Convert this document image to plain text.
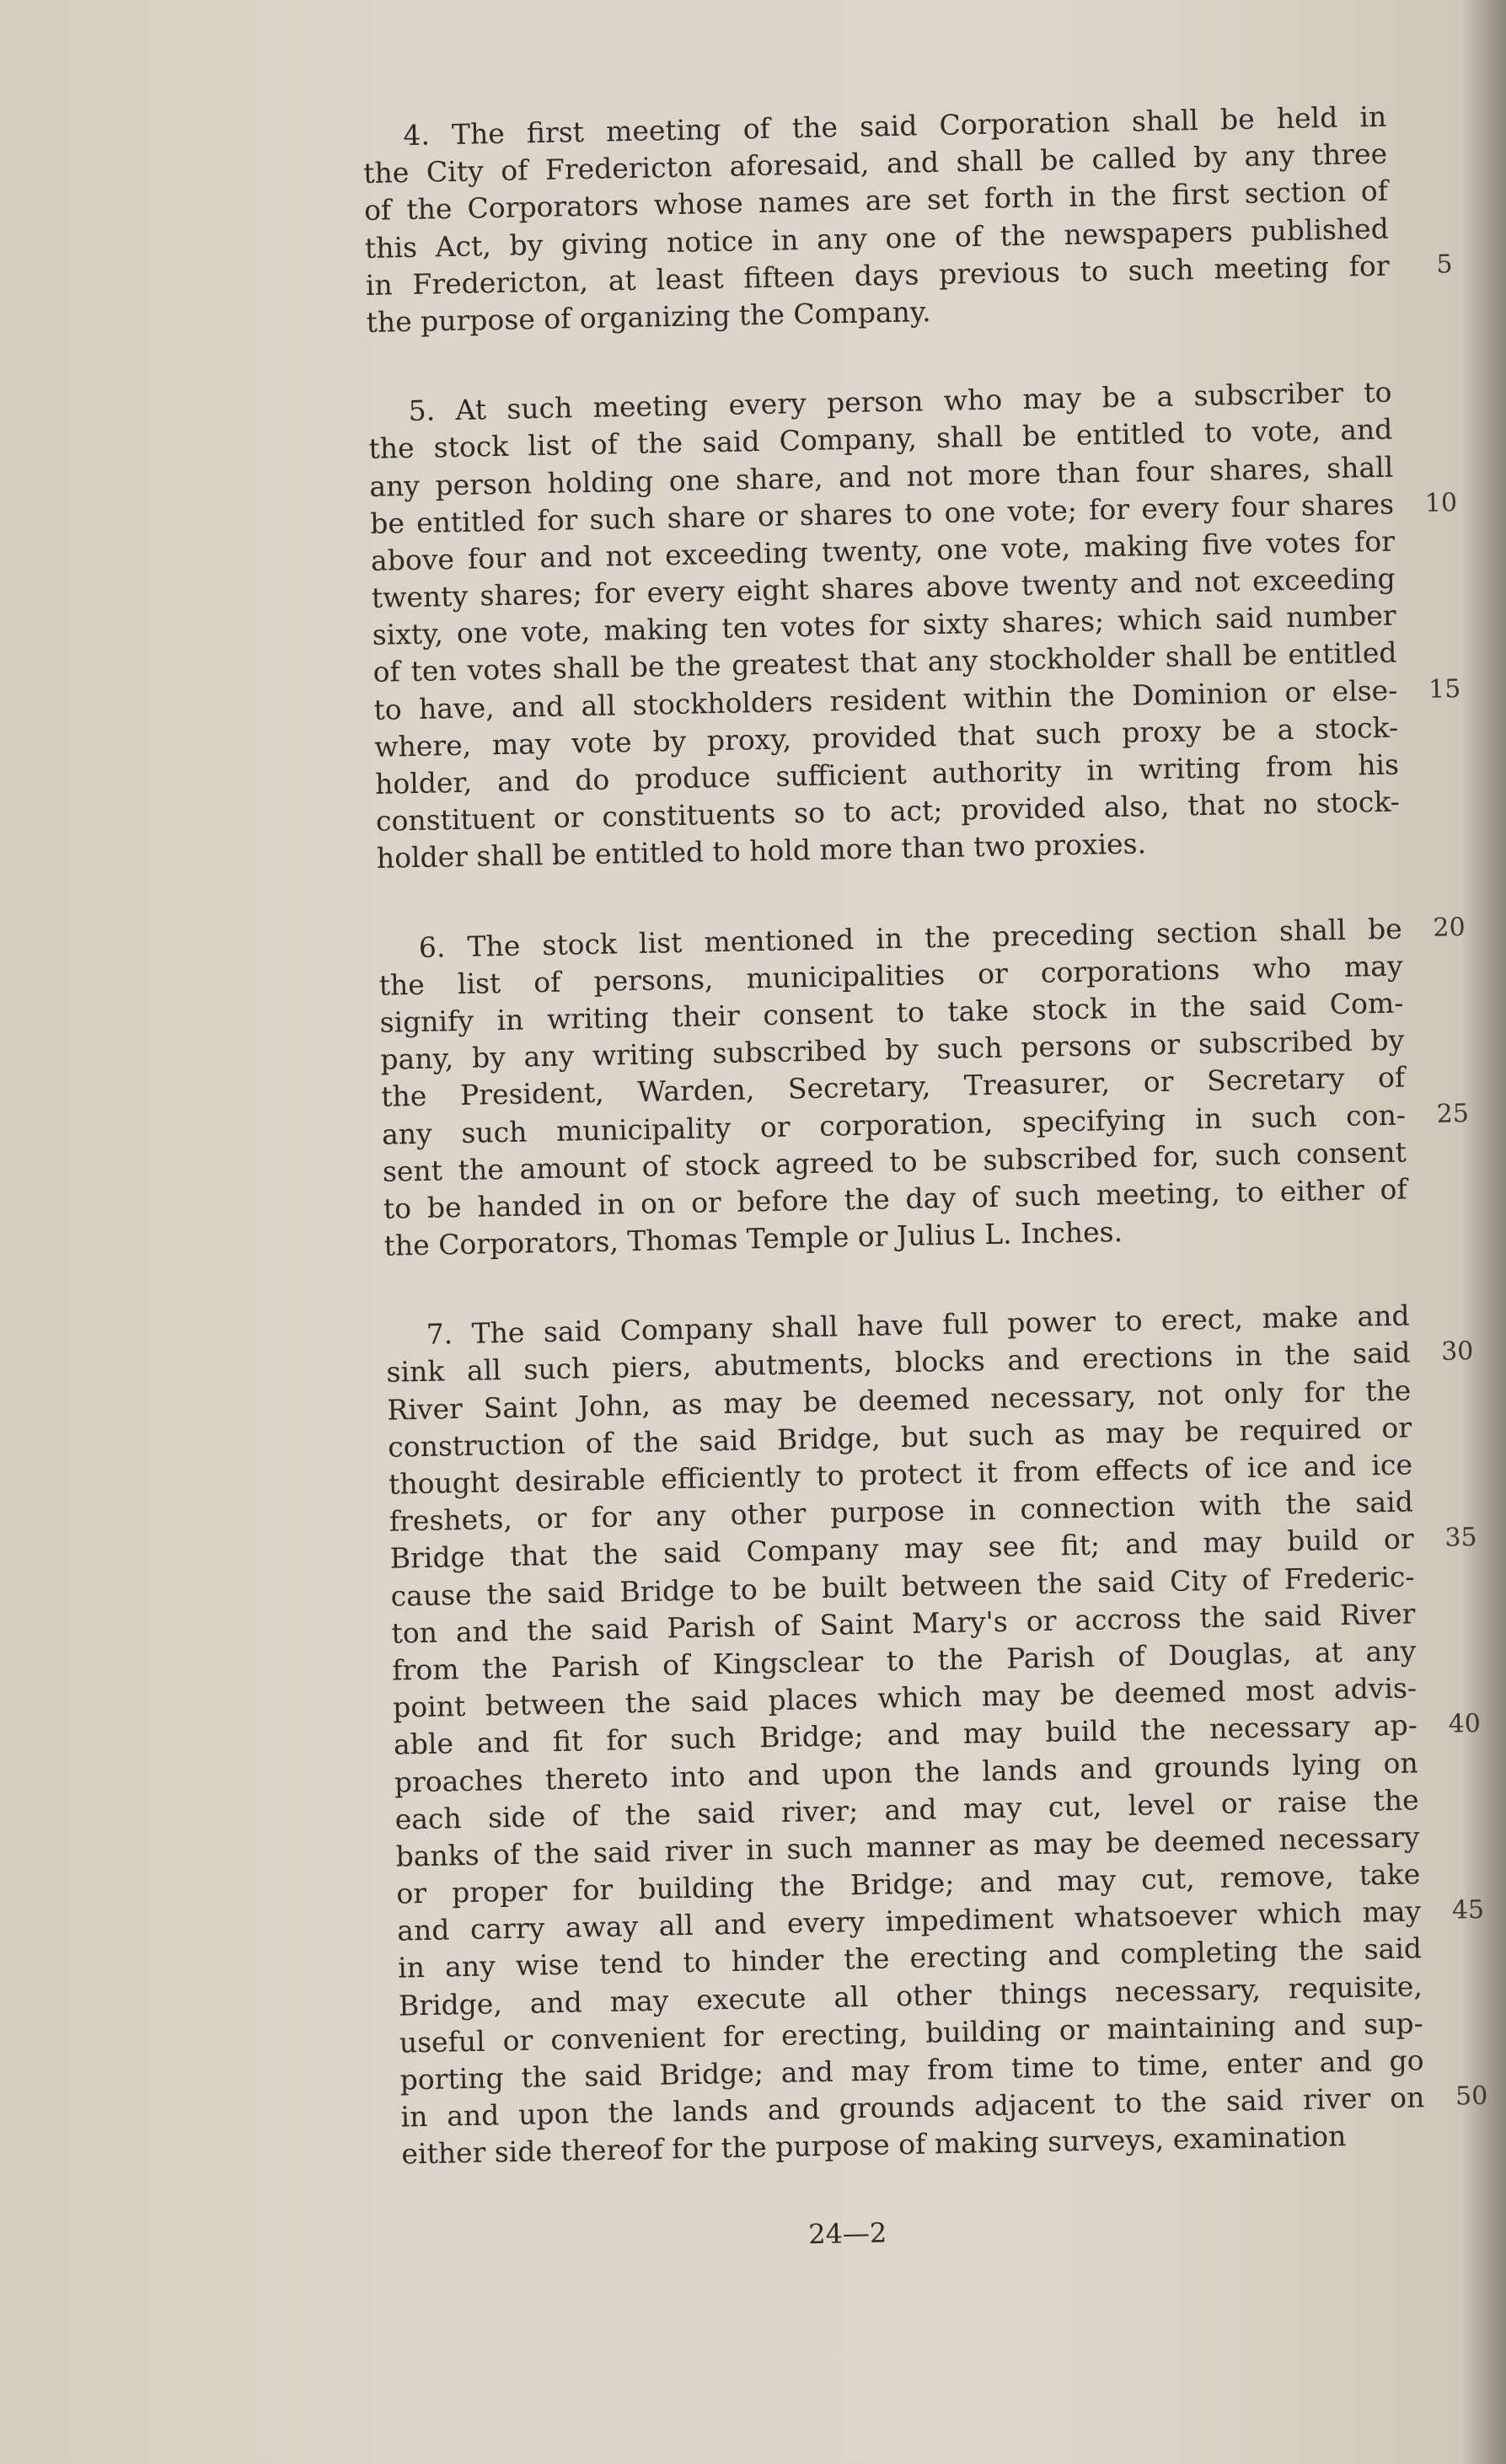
4. The first meeting of the said Corporation shall be held in
the City of Fredericton aforesaid, and shall be called by any three
of the Corporators whose names are set forth in the first section of
this Act, by giving notice in any one of the newspapers published
in Fredericton, at least fifteen days previous to such meeting for 5
the purpose of organizing the Company.
5. At such meeting every person who may be a subscriber to
the stock list of the said Company, shall be entitled to vote, and
any person holding one share, and not more than four shares, shall
be entitled for such share or shares to one vote; for every four shares 10
above four and not exceeding twenty, one vote, making five votes for
twenty shares; for every eight shares above twenty and not exceeding
sixty, one vote, making ten votes for sixty shares; which said number
of ten votes shall be the greatest that any stockholder shall be entitled
to have, and all stockholders resident within the Dominion or else- 15
where, may vote by proxy, provided that such proxy be a stock-
holder, and do produce sufficient authority in writing from his
constituent or constituents so to act; provided also, that no stock-
holder shall be entitled to hold more than two proxies.
6. The stock list mentioned in the preceding section shall be 20
the list of persons, municipalities or corporations who may
signify in writing their consent to take stock in the said Com-
pany, by any writing subscribed by such persons or subscribed by
the President, Warden, Secretary, Treasurer, or Secretary of
any such municipality or corporation, specifying in such con- 25
sent the amount of stock agreed to be subscribed for, such consent
to be handed in on or before the day of such meeting, to either of
the Corporators, Thomas Temple or Julius L. Inches.
7. The said Company shall have full power to erect, make and
sink all such piers, abutments, blocks and erections in the said 30
River Saint John, as may be deemed necessary, not only for the
construction of the said Bridge, but such as may be required or
thought desirable efficiently to protect it from effects of ice and ice
freshets, or for any other purpose in connection with the said
Bridge that the said Company may see fit; and may build or 35
cause the said Bridge to be built between the said City of Frederic-
ton and the said Parish of Saint Mary's or accross the said River
from the Parish of Kingsclear to the Parish of Douglas, at any
point between the said places which may be deemed most advis-
able and fit for such Bridge; and may build the necessary ap- 40
proaches thereto into and upon the lands and grounds lying on
each side of the said river; and may cut, level or raise the
banks of the said river in such manner as may be deemed necessary
or proper for building the Bridge; and may cut, remove, take
and carry away all and every impediment whatsoever which may 45
in any wise tend to hinder the erecting and completing the said
Bridge, and may execute all other things necessary, requisite,
useful or convenient for erecting, building or maintaining and sup-
porting the said Bridge; and may from time to time, enter and go
in and upon the lands and grounds adjacent to the said river on 50
either side thereof for the purpose of making surveys, examination
24—2
